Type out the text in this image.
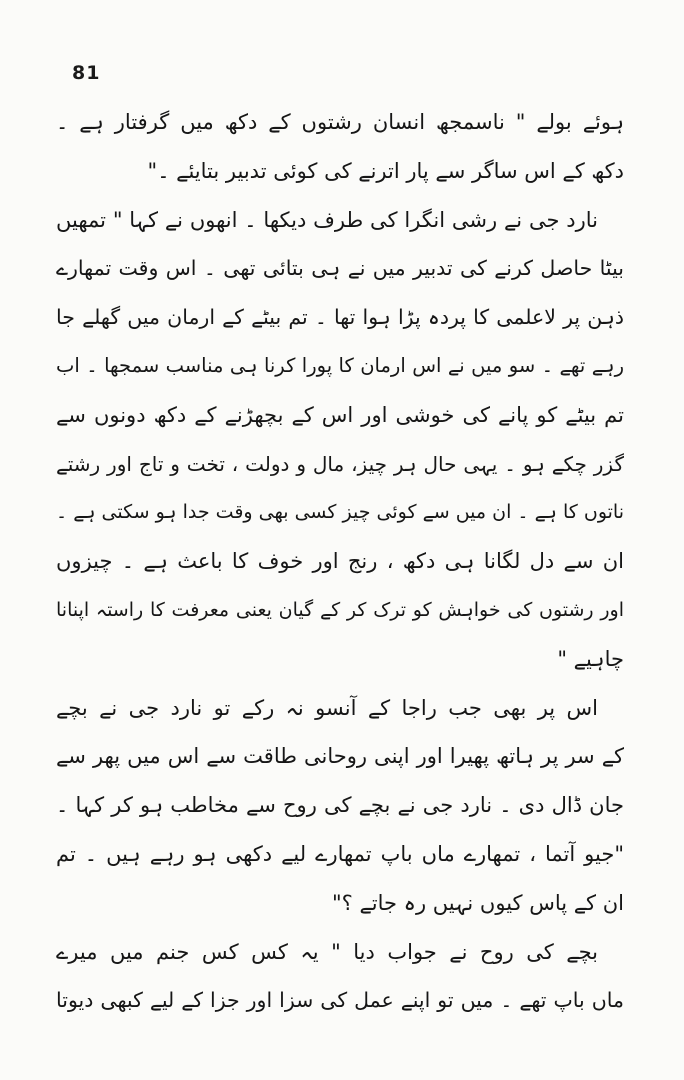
81
ہوئے بولے " ناسمجھ انسان رشتوں کے دکھ میں گرفتار ہے ۔
دکھ کے اس ساگر سے پار اترنے کی کوئی تدبیر بتایئے ۔"
نارد جی نے رشی انگرا کی طرف دیکھا ۔ انھوں نے کہا " تمھیں
بیٹا حاصل کرنے کی تدبیر میں نے ہی بتائی تھی ۔ اس وقت تمھارے
ذہن پر لاعلمی کا پردہ پڑا ہوا تھا ۔ تم بیٹے کے ارمان میں گھلے جا
رہے تھے ۔ سو میں نے اس ارمان کا پورا کرنا ہی مناسب سمجھا ۔ اب
تم بیٹے کو پانے کی خوشی اور اس کے بچھڑنے کے دکھ دونوں سے
گزر چکے ہو ۔ یہی حال ہر چیز، مال و دولت ، تخت و تاج اور رشتے
ناتوں کا ہے ۔ ان میں سے کوئی چیز کسی بھی وقت جدا ہو سکتی ہے ۔
ان سے دل لگانا ہی دکھ ، رنج اور خوف کا باعث ہے ۔ چیزوں
اور رشتوں کی خواہش کو ترک کر کے گیان یعنی معرفت کا راستہ اپنانا
چاہیے "
اس پر بھی جب راجا کے آنسو نہ رکے تو نارد جی نے بچے
کے سر پر ہاتھ پھیرا اور اپنی روحانی طاقت سے اس میں پھر سے
جان ڈال دی ۔ نارد جی نے بچے کی روح سے مخاطب ہو کر کہا ۔
"جیو آتما ، تمھارے ماں باپ تمھارے لیے دکھی ہو رہے ہیں ۔ تم
ان کے پاس کیوں نہیں رہ جاتے ؟"
بچے کی روح نے جواب دیا " یہ کس کس جنم میں میرے
ماں باپ تھے ۔ میں تو اپنے عمل کی سزا اور جزا کے لیے کبھی دیوتا
